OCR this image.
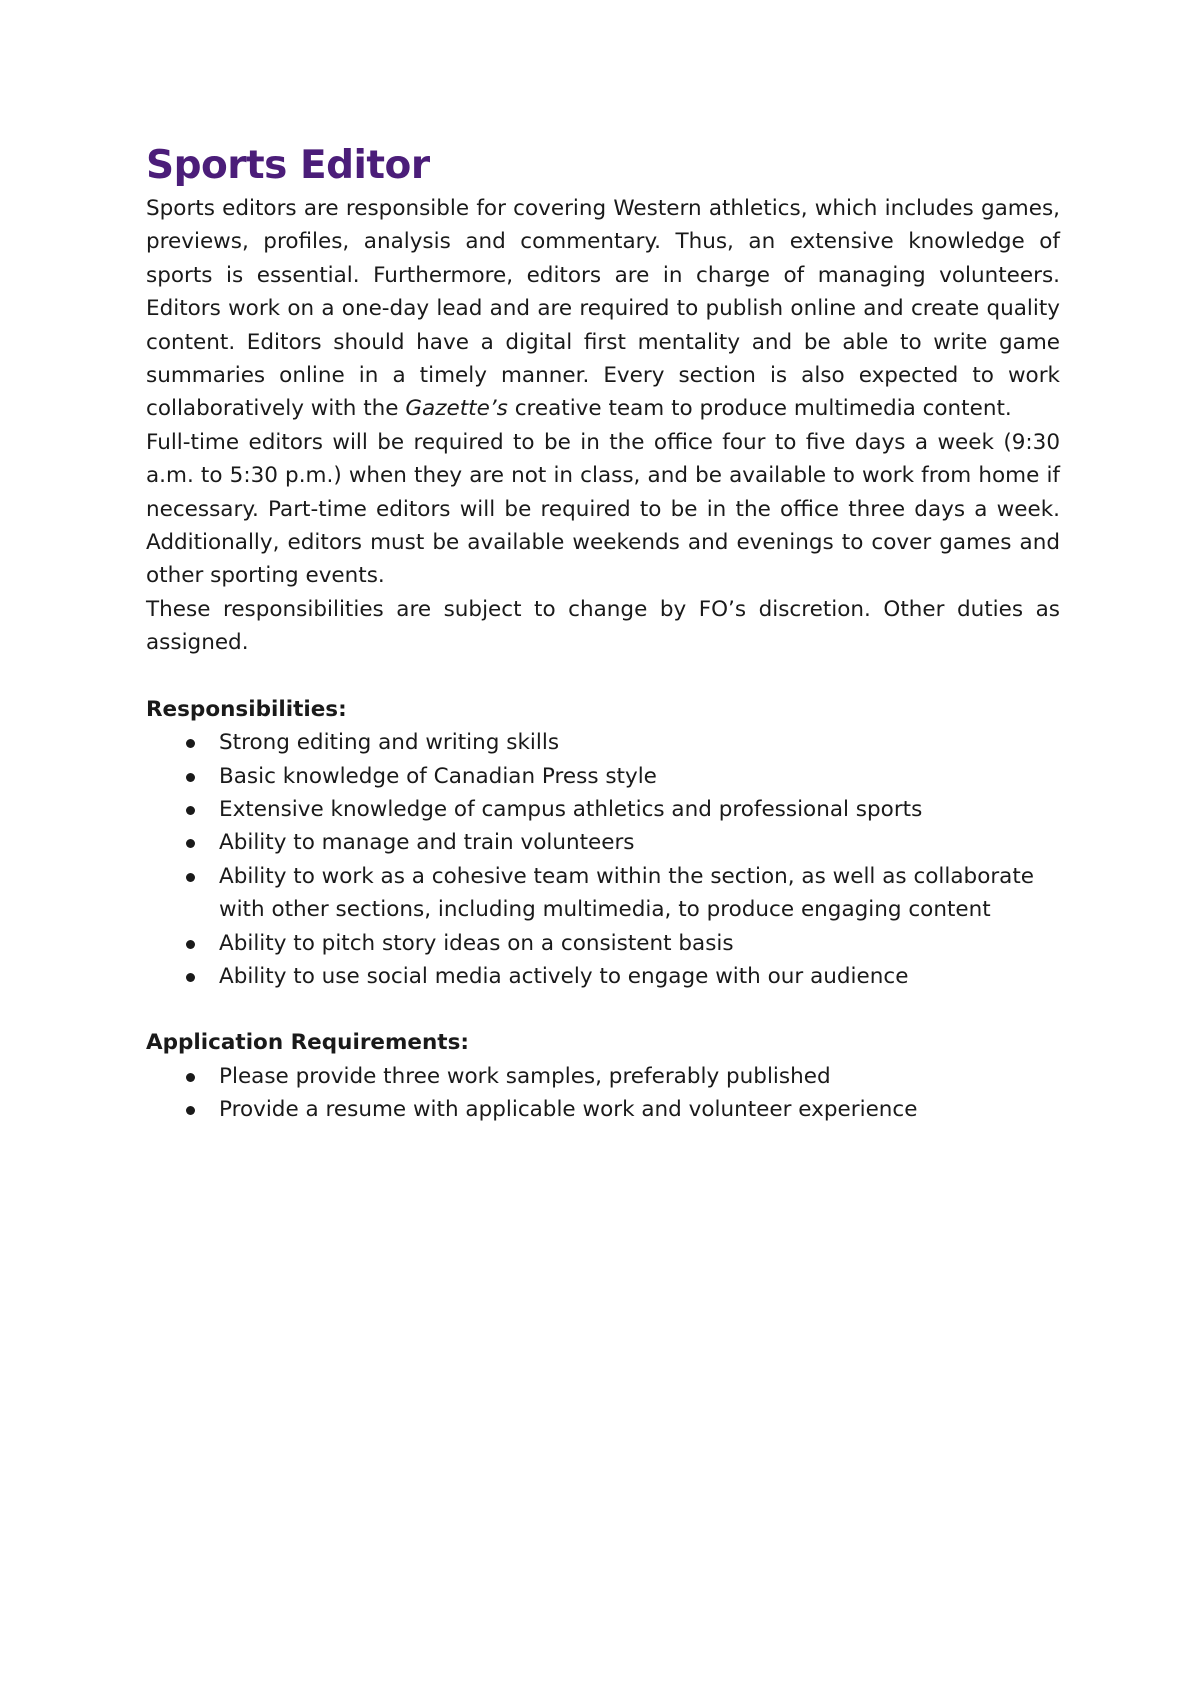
Sports Editor

Sports editors are responsible for covering Western athletics, which includes games, previews, profiles, analysis and commentary. Thus, an extensive knowledge of sports is essential. Furthermore, editors are in charge of managing volunteers. Editors work on a one-day lead and are required to publish online and create quality content. Editors should have a digital first mentality and be able to write game summaries online in a timely manner. Every section is also expected to work collaboratively with the Gazette’s creative team to produce multimedia content.

Full-time editors will be required to be in the office four to five days a week (9:30 a.m. to 5:30 p.m.) when they are not in class, and be available to work from home if necessary. Part-time editors will be required to be in the office three days a week. Additionally, editors must be available weekends and evenings to cover games and other sporting events.

These responsibilities are subject to change by FO’s discretion. Other duties as assigned.

Responsibilities:
Strong editing and writing skills
Basic knowledge of Canadian Press style
Extensive knowledge of campus athletics and professional sports
Ability to manage and train volunteers
Ability to work as a cohesive team within the section, as well as collaborate with other sections, including multimedia, to produce engaging content
Ability to pitch story ideas on a consistent basis
Ability to use social media actively to engage with our audience
Application Requirements:
Please provide three work samples, preferably published
Provide a resume with applicable work and volunteer experience
